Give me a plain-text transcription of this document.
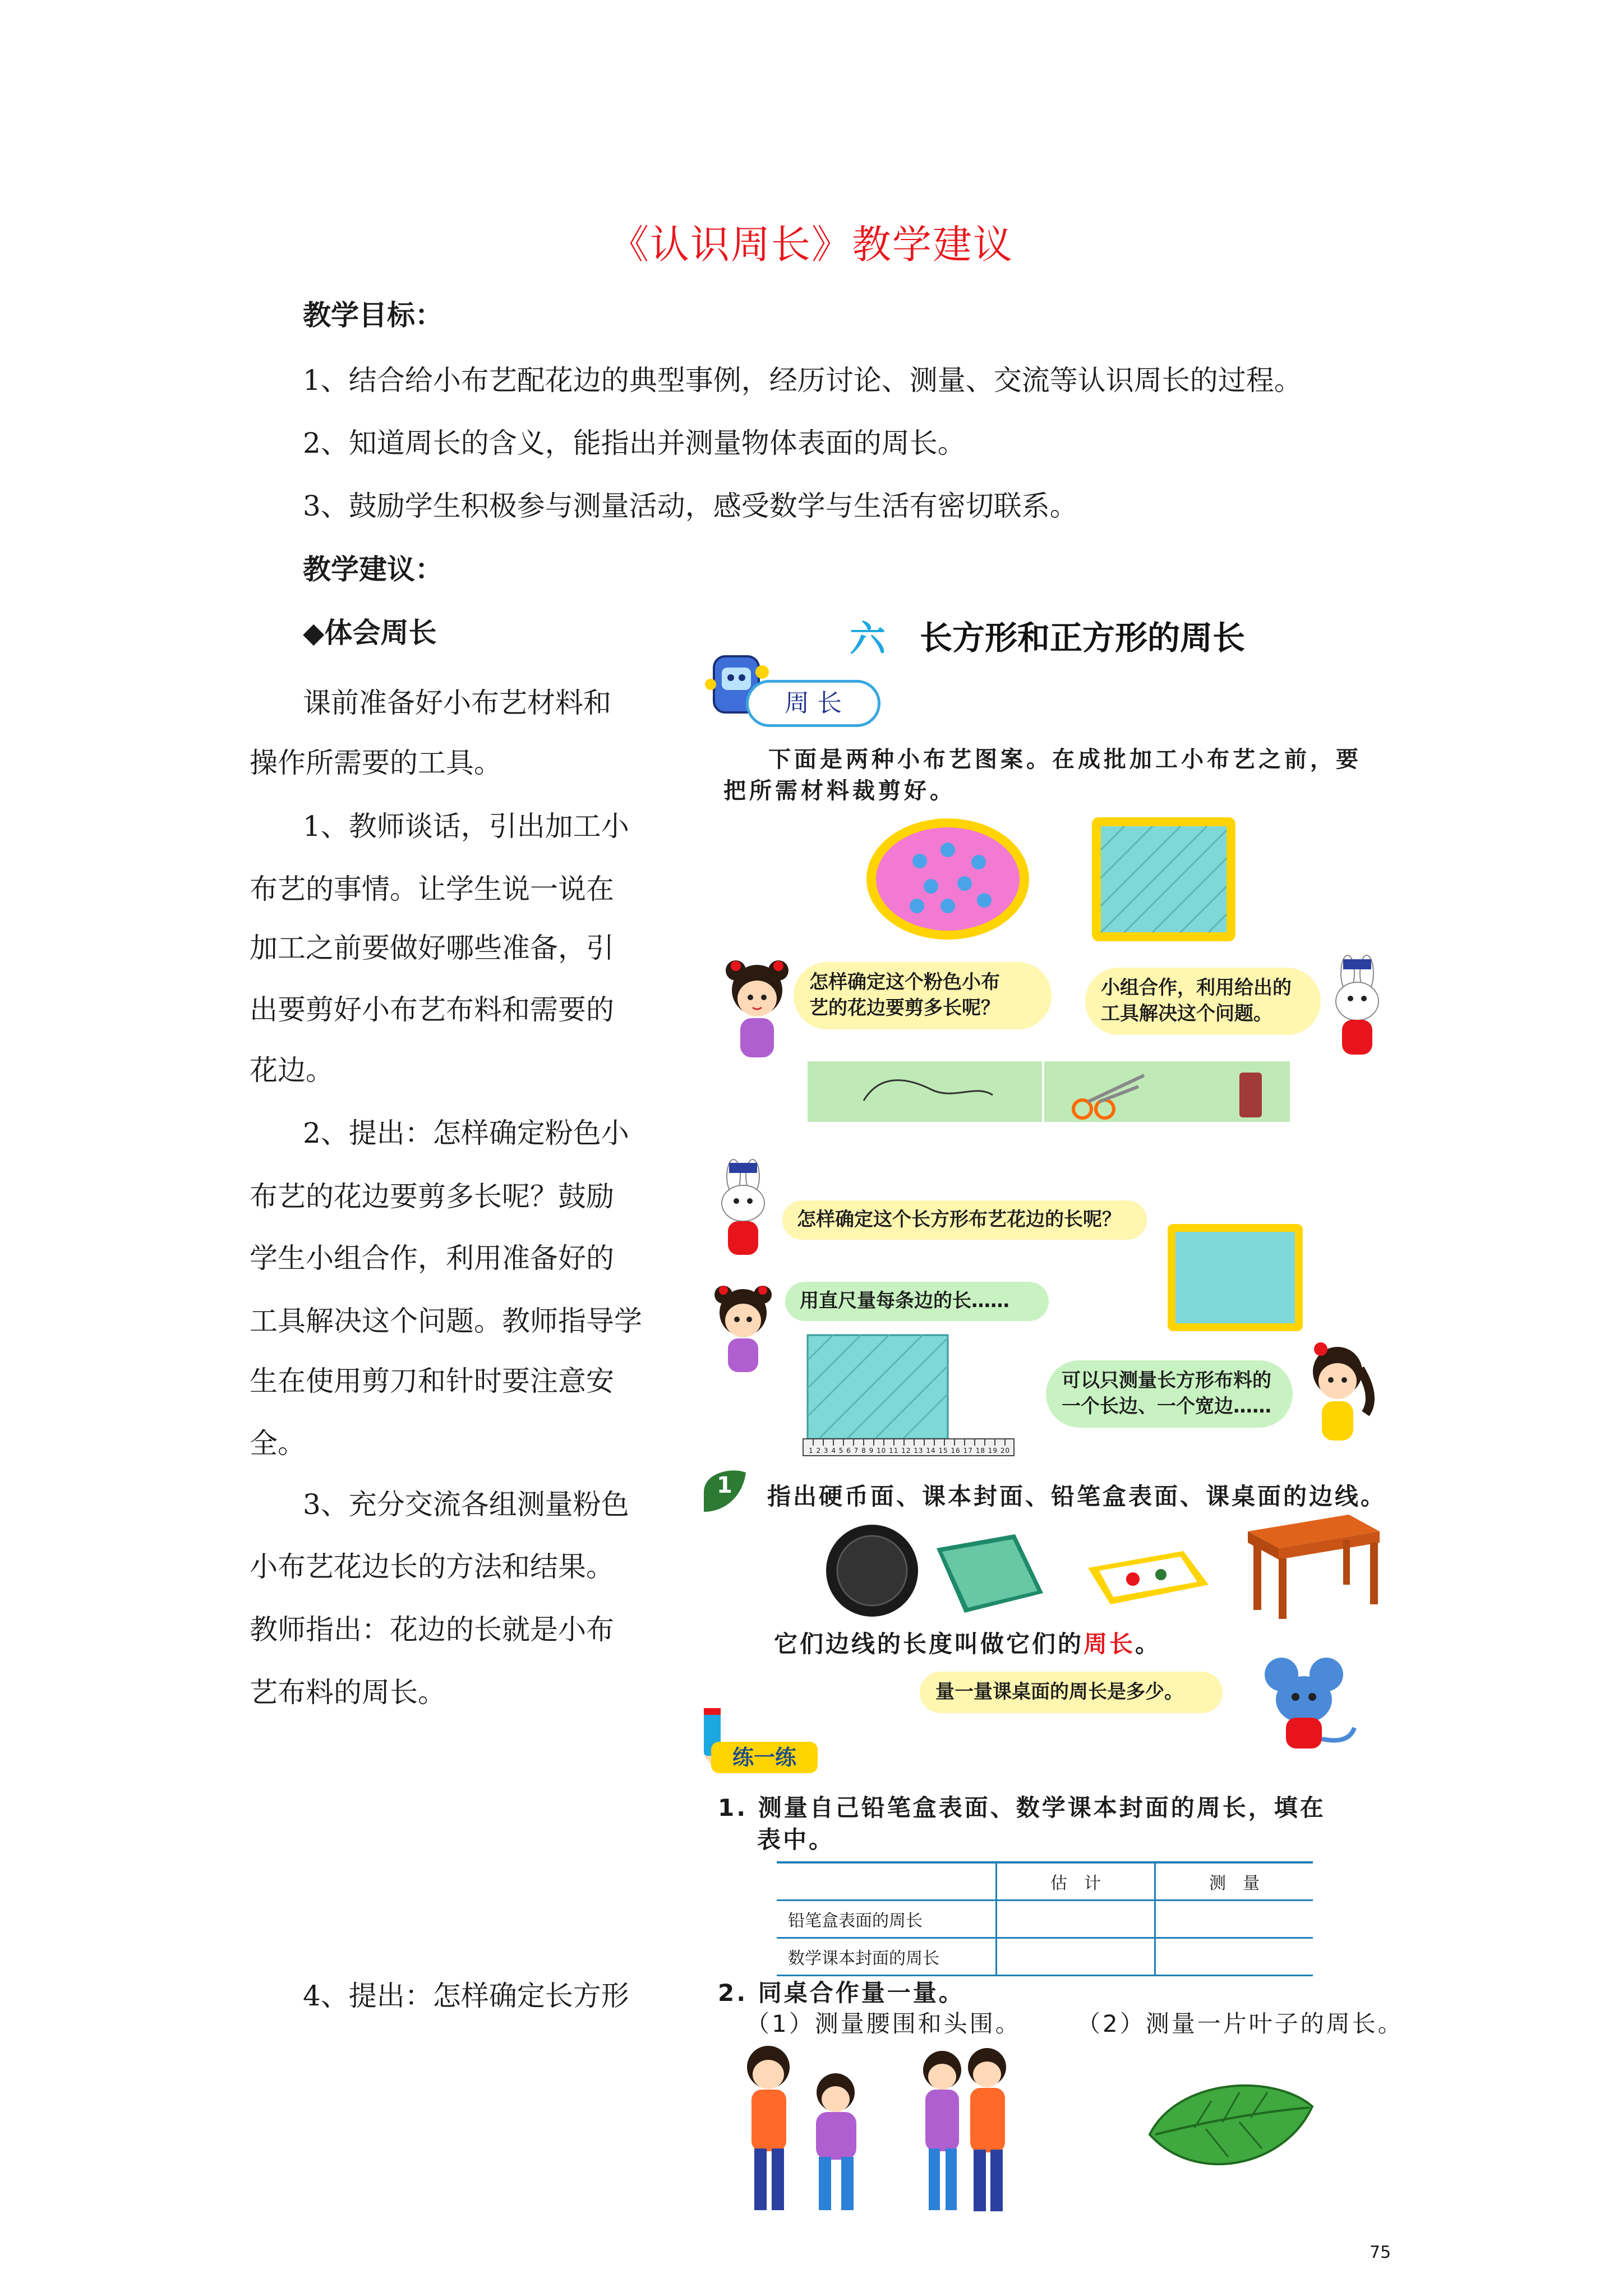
《认识周长》教学建议
教学目标：
1、结合给小布艺配花边的典型事例，经历讨论、测量、交流等认识周长的过程。
2、知道周长的含义，能指出并测量物体表面的周长。
3、鼓励学生积极参与测量活动，感受数学与生活有密切联系。
教学建议：
◆体会周长
课前准备好小布艺材料和
操作所需要的工具。
1、教师谈话，引出加工小
布艺的事情。让学生说一说在
加工之前要做好哪些准备，引
出要剪好小布艺布料和需要的
花边。
2、提出：怎样确定粉色小
布艺的花边要剪多长呢？鼓励
学生小组合作，利用准备好的
工具解决这个问题。教师指导学
生在使用剪刀和针时要注意安
全。
3、充分交流各组测量粉色
小布艺花边长的方法和结果。
教师指出：花边的长就是小布
艺布料的周长。
4、提出：怎样确定长方形
六 长方形和正方形的周长
周 长
下面是两种小布艺图案。在成批加工小布艺之前，要
把所需材料裁剪好。
怎样确定这个粉色小布
艺的花边要剪多长呢？
小组合作，利用给出的
工具解决这个问题。
怎样确定这个长方形布艺花边的长呢？
用直尺量每条边的长……
1 2 3 4 5 6 7 8 9 10 11 12 13 14 15 16 17 18 19 20
可以只测量长方形布料的
一个长边、一个宽边……
1 指出硬币面、课本封面、铅笔盒表面、课桌面的边线。
它们边线的长度叫做它们的周长。
量一量课桌面的周长是多少。
练一练
1. 测量自己铅笔盒表面、数学课本封面的周长，填在
表中。
	估　计	测　量
铅笔盒表面的周长		
数学课本封面的周长		
2. 同桌合作量一量。
（1）测量腰围和头围。 （2）测量一片叶子的周长。
75
